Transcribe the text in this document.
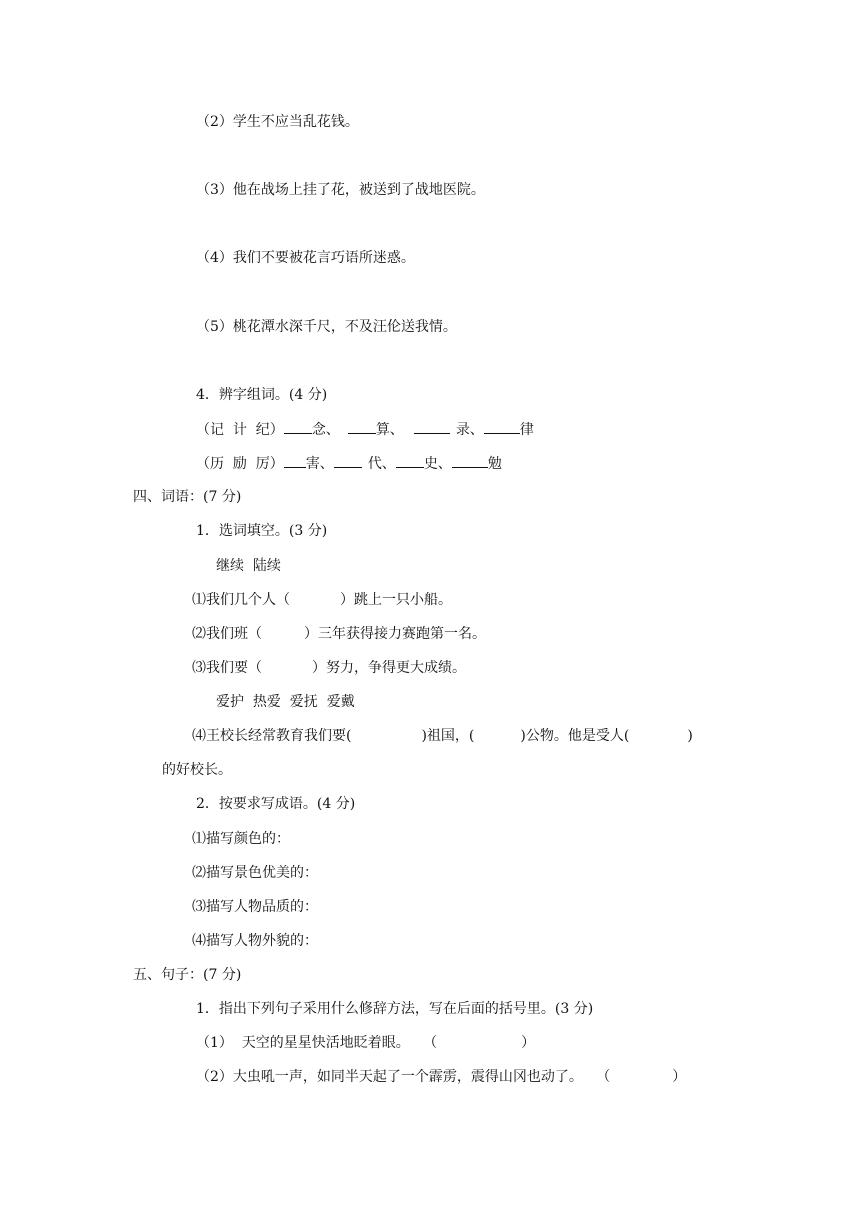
（2）学生不应当乱花钱。
（3）他在战场上挂了花，被送到了战地医院。
（4）我们不要被花言巧语所迷惑。
（5）桃花潭水深千尺，不及汪伦送我情。
4．辨字组词。(4 分)
（记  计  纪） 念、	算、	录、	律
（历  励  厉） 害、 代、 史、	勉
四、词语：(7 分)
1．选词填空。(3 分)
继续  陆续
⑴我们几个人（	）跳上一只小船。
⑵我们班（	）三年获得接力赛跑第一名。
⑶我们要（	）努力，争得更大成绩。
爱护  热爱  爱抚  爱戴
⑷王校长经常教育我们要(	)祖国，(	)公物。他是受人(	)
的好校长。
2．按要求写成语。(4 分)
⑴描写颜色的：
⑵描写景色优美的：
⑶描写人物品质的：
⑷描写人物外貌的：
五、句子：(7 分)
1．指出下列句子采用什么修辞方法，写在后面的括号里。(3 分)
（1）  天空的星星快活地眨着眼。   （	）
（2）大虫吼一声，如同半天起了一个霹雳，震得山冈也动了。   （	）
